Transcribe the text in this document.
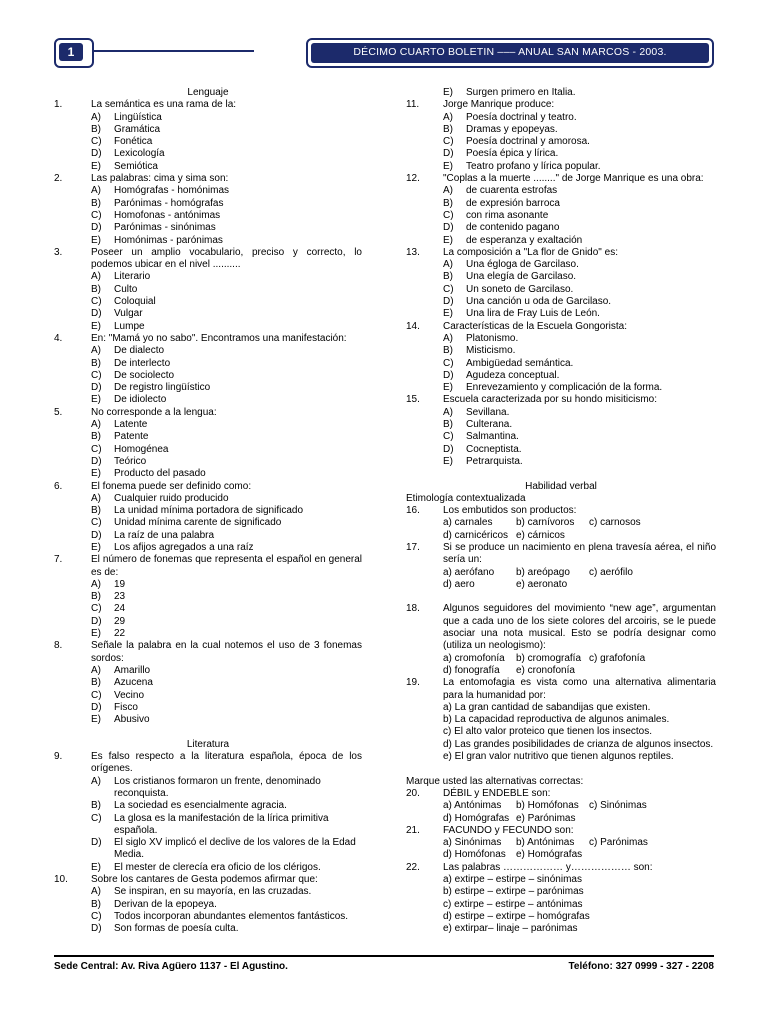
1	DÉCIMO CUARTO BOLETIN ––– ANUAL SAN MARCOS - 2003.
Lenguaje
1.	La semántica es una rama de la:
A) Lingüística
B) Gramática
C) Fonética
D) Lexicología
E) Semiótica
2.	Las palabras: cima y sima son:
A) Homógrafas - homónimas
B) Parónimas - homógrafas
C) Homofonas - antónimas
D) Parónimas - sinónimas
E) Homónimas - parónimas
3.	Poseer un amplio vocabulario, preciso y correcto, lo podemos ubicar en el nivel ..........
A) Literario
B) Culto
C) Coloquial
D) Vulgar
E) Lumpe
4.	En: "Mamá yo no sabo". Encontramos una manifestación:
A) De dialecto
B) De interlecto
C) De sociolecto
D) De registro lingüístico
E) De idiolecto
5.	No corresponde a la lengua:
A) Latente
B) Patente
C) Homogénea
D) Teórico
E) Producto del pasado
6.	El fonema puede ser definido como:
A) Cualquier ruido producido
B) La unidad mínima portadora de significado
C) Unidad mínima carente de significado
D) La raíz de una palabra
E) Los afijos agregados a una raíz
7.	El número de fonemas que representa el español en general es de:
A) 19
B) 23
C) 24
D) 29
E) 22
8.	Señale la palabra en la cual notemos el uso de 3 fonemas sordos:
A) Amarillo
B) Azucena
C) Vecino
D) Fisco
E) Abusivo
Literatura
9.	Es falso respecto a la literatura española, época de los orígenes.
A) Los cristianos formaron un frente, denominado reconquista.
B) La sociedad es esencialmente agracia.
C) La glosa es la manifestación de la lírica primitiva española.
D) El siglo XV implicó el declive de los valores de la Edad Media.
E) El mester de clerecía era oficio de los clérigos.
10.	Sobre los cantares de Gesta podemos afirmar que:
A) Se inspiran, en su mayoría, en las cruzadas.
B) Derivan de la epopeya.
C) Todos incorporan abundantes elementos fantásticos.
D) Son formas de poesía culta.
E) Surgen primero en Italia.
11.	Jorge Manrique produce:
A) Poesía doctrinal y teatro.
B) Dramas y epopeyas.
C) Poesía doctrinal y amorosa.
D) Poesía épica y lírica.
E) Teatro profano y lírica popular.
12.	"Coplas a la muerte ........" de Jorge Manrique es una obra:
A) de cuarenta estrofas
B) de expresión barroca
C) con rima asonante
D) de contenido pagano
E) de esperanza y exaltación
13.	La composición a "La flor de Gnido" es:
A) Una égloga de Garcilaso.
B) Una elegía de Garcilaso.
C) Un soneto de Garcilaso.
D) Una canción u oda de Garcilaso.
E) Una lira de Fray Luis de León.
14.	Características de la Escuela Gongorista:
A) Platonismo.
B) Misticismo.
C) Ambigüedad semántica.
D) Agudeza conceptual.
E) Enrevezamiento y complicación de la forma.
15.	Escuela caracterizada por su hondo misiticismo:
A) Sevillana.
B) Culterana.
C) Salmantina.
D) Cocneptista.
E) Petrarquista.
Habilidad verbal
Etimología contextualizada
16.	Los embutidos son productos:
a) carnales b) carnívoros c) carnosos
d) carnicéricos e) cárnicos
17.	Si se produce un nacimiento en plena travesía aérea, el niño sería un:
a) aerófano b) areópago c) aerófilo
d) aero	e) aeronato
18.	Algunos seguidores del movimiento “new age”, argumentan que a cada uno de los siete colores del arcoiris, se le puede asociar una nota musical. Esto se podría designar como (utiliza un neologismo):
a) cromofonía b) cromografía c) grafofonía
d) fonografía e) cronofonía
19.	La entomofagia es vista como una alternativa alimentaria para la humanidad por:
a) La gran cantidad de sabandijas que existen.
b) La capacidad reproductiva de algunos animales.
c) El alto valor proteico que tienen los insectos.
d) Las grandes posibilidades de crianza de algunos insectos.
e) El gran valor nutritivo que tienen algunos reptiles.
Marque usted las alternativas correctas:
20.	DÉBIL y ENDEBLE son:
a) Antónimas b) Homófonas c) Sinónimas
d) Homógrafas e) Parónimas
21.	FACUNDO y FECUNDO son:
a) Sinónimas b) Antónimas c) Parónimas
d) Homófonas e) Homógrafas
22.	Las palabras ……………… y……………… son:
a) extirpe – estirpe – sinónimas
b) estirpe – extirpe – parónimas
c) extirpe – estirpe – antónimas
d) estirpe – extirpe – homógrafas
e) extirpar– linaje – parónimas
Sede Central: Av. Riva Agüero 1137 - El Agustino.	Teléfono: 327 0999 - 327 - 2208
